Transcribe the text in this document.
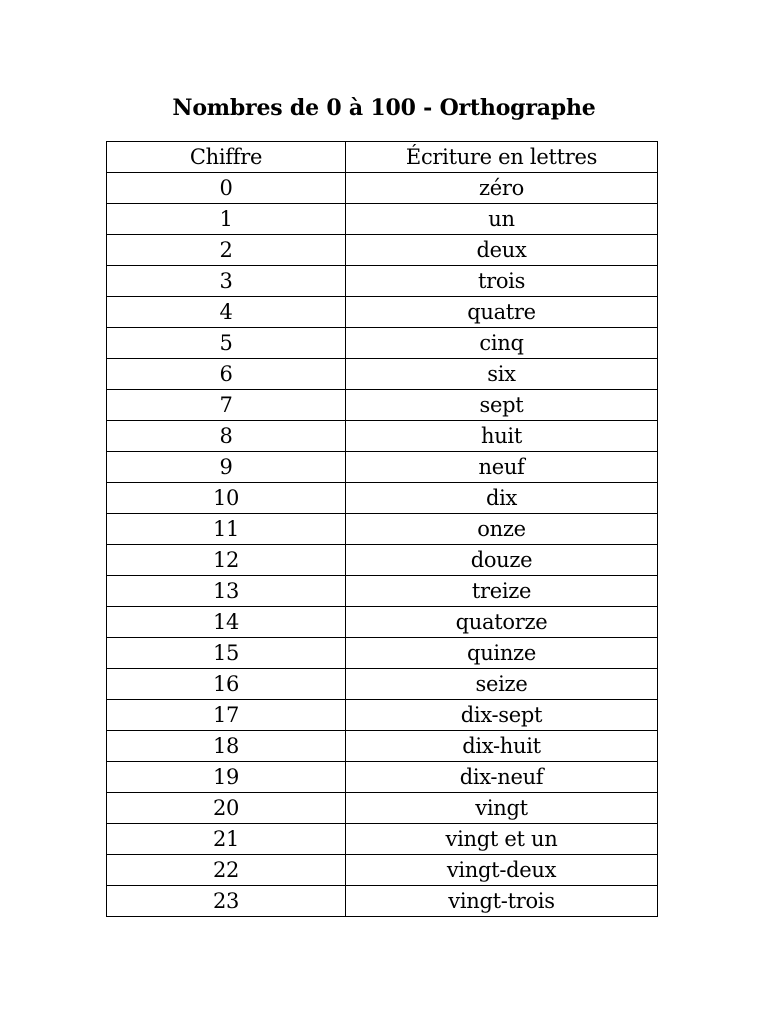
Nombres de 0 à 100 - Orthographe
Chiffre	Écriture en lettres
0	zéro
1	un
2	deux
3	trois
4	quatre
5	cinq
6	six
7	sept
8	huit
9	neuf
10	dix
11	onze
12	douze
13	treize
14	quatorze
15	quinze
16	seize
17	dix-sept
18	dix-huit
19	dix-neuf
20	vingt
21	vingt et un
22	vingt-deux
23	vingt-trois
